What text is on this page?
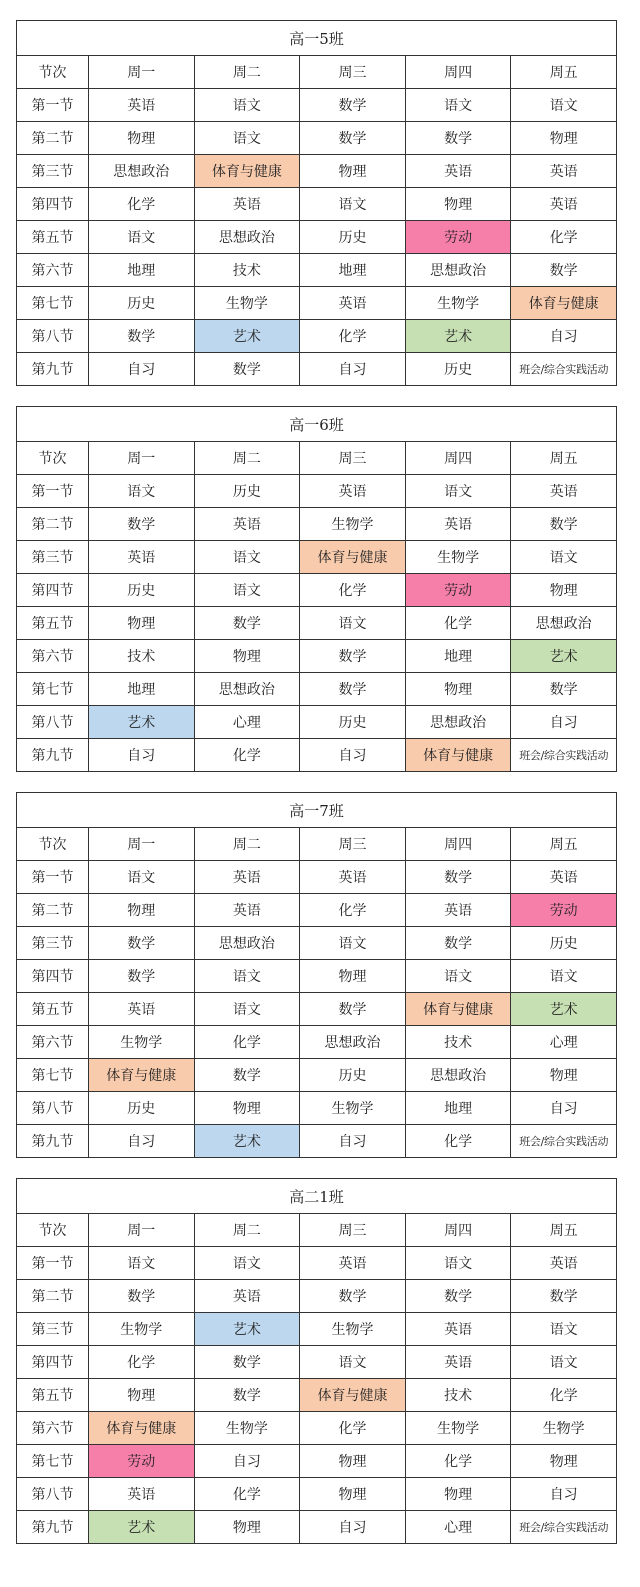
高一5班					
节次	周一	周二	周三	周四	周五
第一节	英语	语文	数学	语文	语文
第二节	物理	语文	数学	数学	物理
第三节	思想政治	体育与健康	物理	英语	英语
第四节	化学	英语	语文	物理	英语
第五节	语文	思想政治	历史	劳动	化学
第六节	地理	技术	地理	思想政治	数学
第七节	历史	生物学	英语	生物学	体育与健康
第八节	数学	艺术	化学	艺术	自习
第九节	自习	数学	自习	历史	班会/综合实践活动
高一6班					
节次	周一	周二	周三	周四	周五
第一节	语文	历史	英语	语文	英语
第二节	数学	英语	生物学	英语	数学
第三节	英语	语文	体育与健康	生物学	语文
第四节	历史	语文	化学	劳动	物理
第五节	物理	数学	语文	化学	思想政治
第六节	技术	物理	数学	地理	艺术
第七节	地理	思想政治	数学	物理	数学
第八节	艺术	心理	历史	思想政治	自习
第九节	自习	化学	自习	体育与健康	班会/综合实践活动
高一7班					
节次	周一	周二	周三	周四	周五
第一节	语文	英语	英语	数学	英语
第二节	物理	英语	化学	英语	劳动
第三节	数学	思想政治	语文	数学	历史
第四节	数学	语文	物理	语文	语文
第五节	英语	语文	数学	体育与健康	艺术
第六节	生物学	化学	思想政治	技术	心理
第七节	体育与健康	数学	历史	思想政治	物理
第八节	历史	物理	生物学	地理	自习
第九节	自习	艺术	自习	化学	班会/综合实践活动
高二1班					
节次	周一	周二	周三	周四	周五
第一节	语文	语文	英语	语文	英语
第二节	数学	英语	数学	数学	数学
第三节	生物学	艺术	生物学	英语	语文
第四节	化学	数学	语文	英语	语文
第五节	物理	数学	体育与健康	技术	化学
第六节	体育与健康	生物学	化学	生物学	生物学
第七节	劳动	自习	物理	化学	物理
第八节	英语	化学	物理	物理	自习
第九节	艺术	物理	自习	心理	班会/综合实践活动
